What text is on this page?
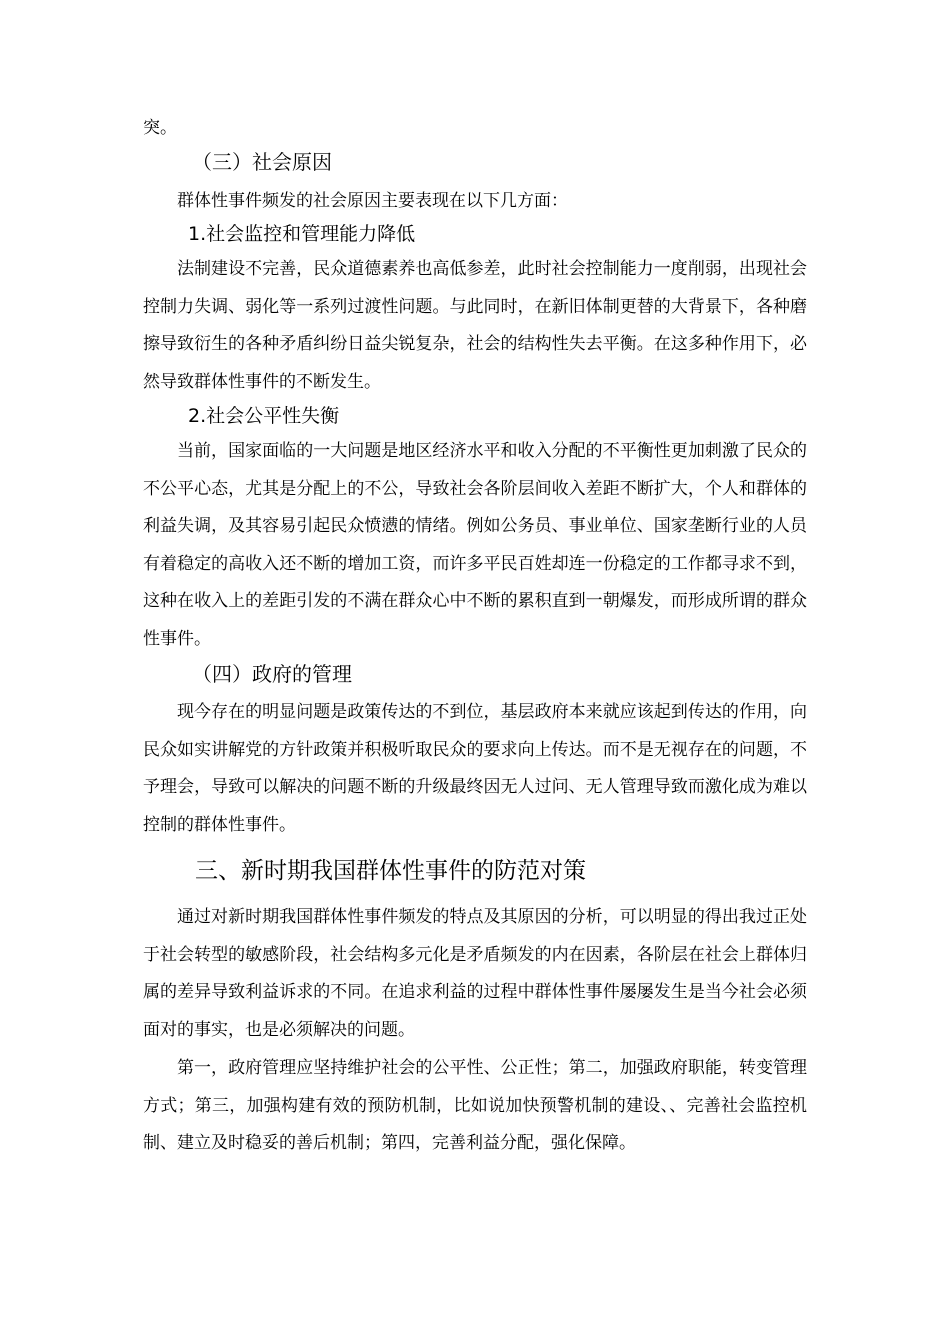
突。
（三）社会原因
群体性事件频发的社会原因主要表现在以下几方面：
1.社会监控和管理能力降低

法制建设不完善，民众道德素养也高低参差，此时社会控制能力一度削弱，出现社会控制力失调、弱化等一系列过渡性问题。与此同时，在新旧体制更替的大背景下，各种磨擦导致衍生的各种矛盾纠纷日益尖锐复杂，社会的结构性失去平衡。在这多种作用下，必然导致群体性事件的不断发生。

2.社会公平性失衡

当前，国家面临的一大问题是地区经济水平和收入分配的不平衡性更加刺激了民众的不公平心态，尤其是分配上的不公，导致社会各阶层间收入差距不断扩大，个人和群体的利益失调，及其容易引起民众愤懑的情绪。例如公务员、事业单位、国家垄断行业的人员有着稳定的高收入还不断的增加工资，而许多平民百姓却连一份稳定的工作都寻求不到，这种在收入上的差距引发的不满在群众心中不断的累积直到一朝爆发，而形成所谓的群众性事件。

（四）政府的管理

现今存在的明显问题是政策传达的不到位，基层政府本来就应该起到传达的作用，向民众如实讲解党的方针政策并积极听取民众的要求向上传达。而不是无视存在的问题，不予理会，导致可以解决的问题不断的升级最终因无人过问、无人管理导致而激化成为难以控制的群体性事件。

三、新时期我国群体性事件的防范对策

通过对新时期我国群体性事件频发的特点及其原因的分析，可以明显的得出我过正处于社会转型的敏感阶段，社会结构多元化是矛盾频发的内在因素，各阶层在社会上群体归属的差异导致利益诉求的不同。在追求利益的过程中群体性事件屡屡发生是当今社会必须面对的事实，也是必须解决的问题。

第一，政府管理应坚持维护社会的公平性、公正性；第二，加强政府职能，转变管理方式；第三，加强构建有效的预防机制，比如说加快预警机制的建设、、完善社会监控机制、建立及时稳妥的善后机制；第四，完善利益分配，强化保障。
